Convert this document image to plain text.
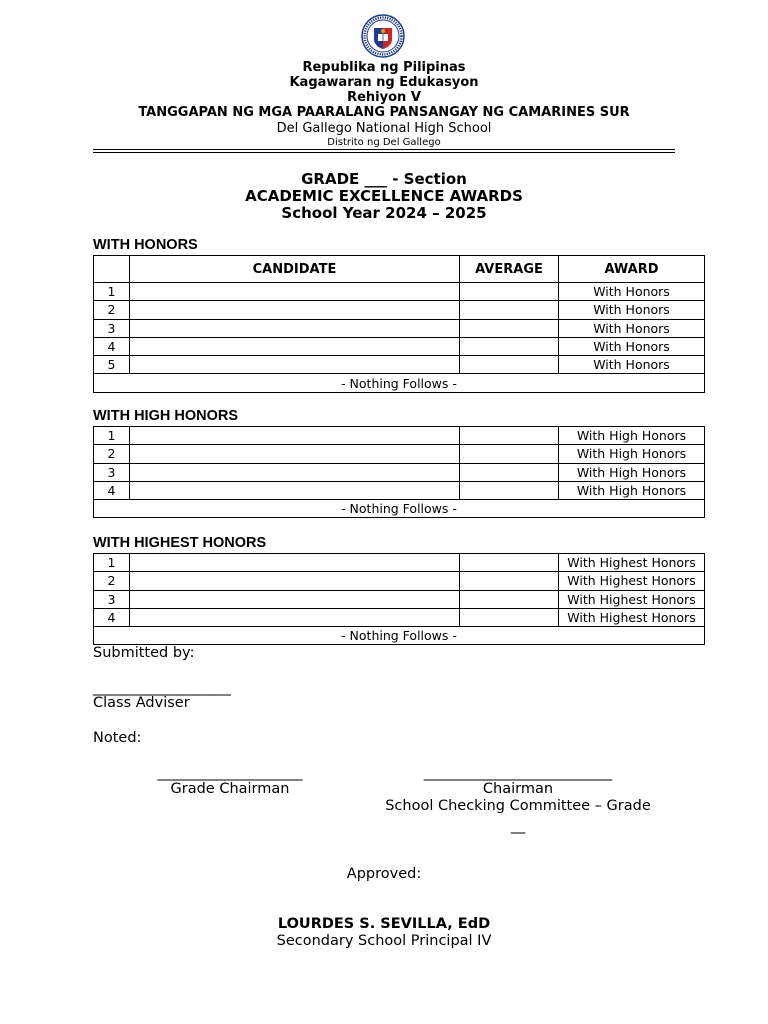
Republika ng Pilipinas
Kagawaran ng Edukasyon
Rehiyon V
TANGGAPAN NG MGA PAARALANG PANSANGAY NG CAMARINES SUR
Del Gallego National High School
Distrito ng Del Gallego
GRADE ___ - Section
ACADEMIC EXCELLENCE AWARDS
School Year 2024 – 2025
WITH HONORS
	CANDIDATE	AVERAGE	AWARD
1			With Honors
2			With Honors
3			With Honors
4			With Honors
5			With Honors
- Nothing Follows -			
WITH HIGH HONORS
1			With High Honors
2			With High Honors
3			With High Honors
4			With High Honors
- Nothing Follows -			
WITH HIGHEST HONORS
1			With Highest Honors
2			With Highest Honors
3			With Highest Honors
4			With Highest Honors
- Nothing Follows -			
Submitted by:
___________________
Class Adviser
Noted:
____________________
Grade Chairman
__________________________
Chairman
School Checking Committee – Grade
__
Approved:
LOURDES S. SEVILLA, EdD
Secondary School Principal IV
